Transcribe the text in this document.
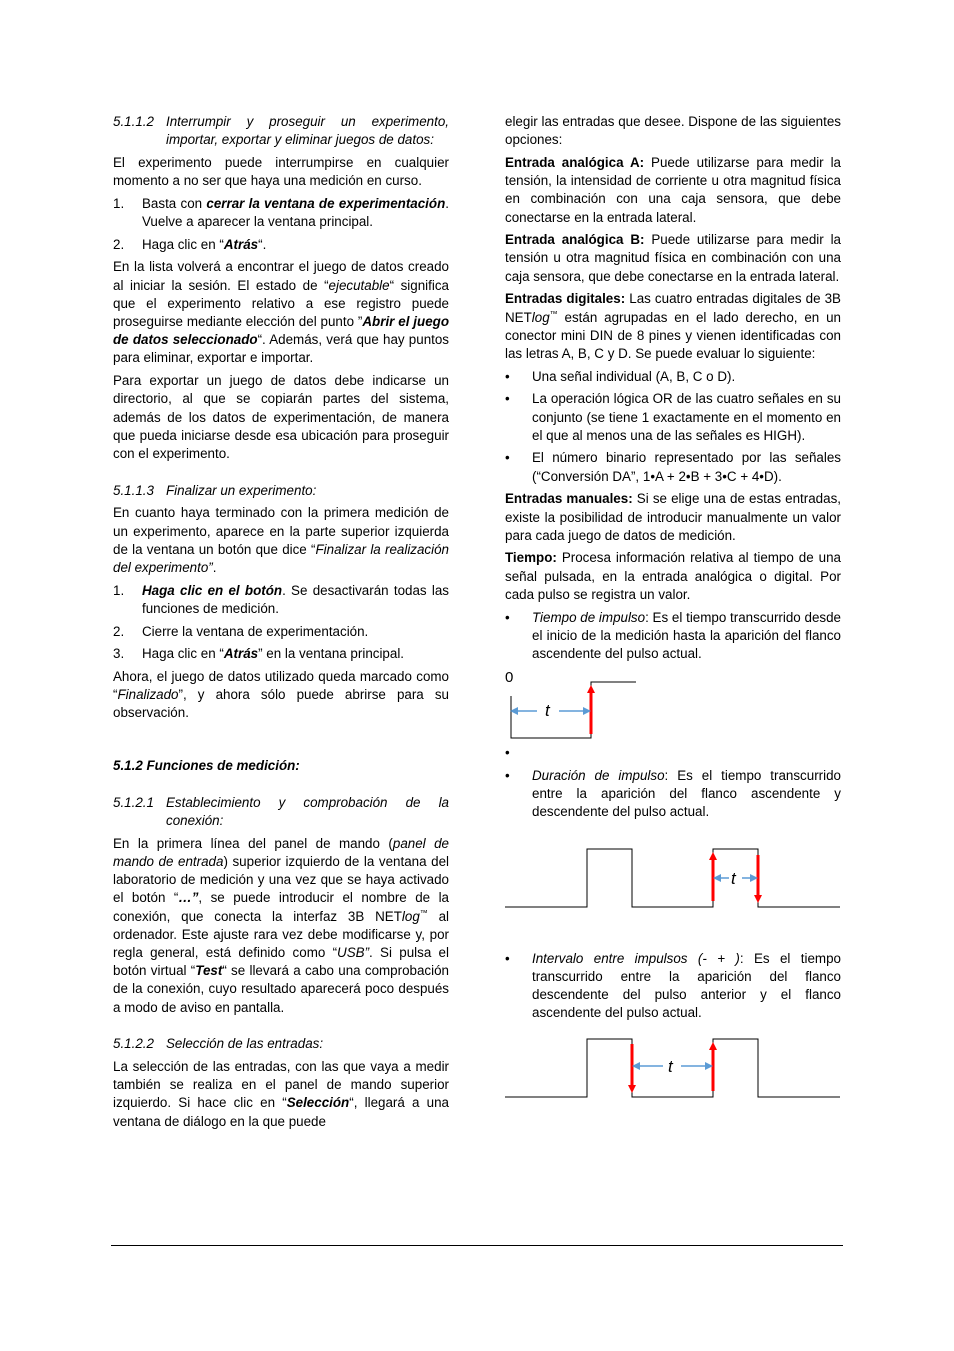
5.1.1.2 Interrumpir y proseguir un experimento, importar, exportar y eliminar juegos de datos:

El experimento puede interrumpirse en cualquier momento a no ser que haya una medición en curso.

1.	Basta con cerrar la ventana de experimentación. Vuelve a aparecer la ventana principal.
2.	Haga clic en “Atrás“.

En la lista volverá a encontrar el juego de datos creado al iniciar la sesión. El estado de “ejecutable“ significa que el experimento relativo a ese registro puede proseguirse mediante elección del punto ”Abrir el juego de datos seleccionado“. Además, verá que hay puntos para eliminar, exportar e importar.

Para exportar un juego de datos debe indicarse un directorio, al que se copiarán partes del sistema, además de los datos de experimentación, de manera que pueda iniciarse desde esa ubicación para proseguir con el experimento.

5.1.1.3 Finalizar un experimento:

En cuanto haya terminado con la primera medición de un experimento, aparece en la parte superior izquierda de la ventana un botón que dice “Finalizar la realización del experimento”.

1.	Haga clic en el botón. Se desactivarán todas las funciones de medición.
2.	Cierre la ventana de experimentación.
3.	Haga clic en “Atrás” en la ventana principal.

Ahora, el juego de datos utilizado queda marcado como “Finalizado”, y ahora sólo puede abrirse para su observación.

5.1.2 Funciones de medición:
5.1.2.1 Establecimiento y comprobación de la conexión:

En la primera línea del panel de mando (panel de mando de entrada) superior izquierdo de la ventana del laboratorio de medición y una vez que se haya activado el botón “…”, se puede introducir el nombre de la conexión, que conecta la interfaz 3B NETlog™ al ordenador. Este ajuste rara vez debe modificarse y, por regla general, está definido como “USB”. Si pulsa el botón virtual “Test“ se llevará a cabo una comprobación de la conexión, cuyo resultado aparecerá poco después a modo de aviso en pantalla.

5.1.2.2 Selección de las entradas:

La selección de las entradas, con las que vaya a medir también se realiza en el panel de mando superior izquierdo. Si hace clic en “Selección“, llegará a una ventana de diálogo en la que puede

elegir las entradas que desee. Dispone de las siguientes opciones:

Entrada analógica A: Puede utilizarse para medir la tensión, la intensidad de corriente u otra magnitud física en combinación con una caja sensora, que debe conectarse en la entrada lateral.

Entrada analógica B: Puede utilizarse para medir la tensión u otra magnitud física en combinación con una caja sensora, que debe conectarse en la entrada lateral.

Entradas digitales: Las cuatro entradas digitales de 3B NETlog™ están agrupadas en el lado derecho, en un conector mini DIN de 8 pines y vienen identificadas con las letras A, B, C y D. Se puede evaluar lo siguiente:

•	Una señal individual (A, B, C o D).
•	La operación lógica OR de las cuatro señales en su conjunto (se tiene 1 exactamente en el momento en el que al menos una de las señales es HIGH).
•	El número binario representado por las señales (“Conversión DA”, 1•A + 2•B + 3•C + 4•D).

Entradas manuales: Si se elige una de estas entradas, existe la posibilidad de introducir manualmente un valor para cada juego de datos de medición.

Tiempo: Procesa información relativa al tiempo de una señal pulsada, en la entrada analógica o digital. Por cada pulso se registra un valor.

•	Tiempo de impulso: Es el tiempo transcurrido desde el inicio de la medición hasta la aparición del flanco ascendente del pulso actual.
0
t
•
•	Duración de impulso: Es el tiempo transcurrido entre la aparición del flanco ascendente y descendente del pulso actual.
t
•	Intervalo entre impulsos (- + ): Es el tiempo transcurrido entre la aparición del flanco descendente del pulso anterior y el flanco ascendente del pulso actual.
t
